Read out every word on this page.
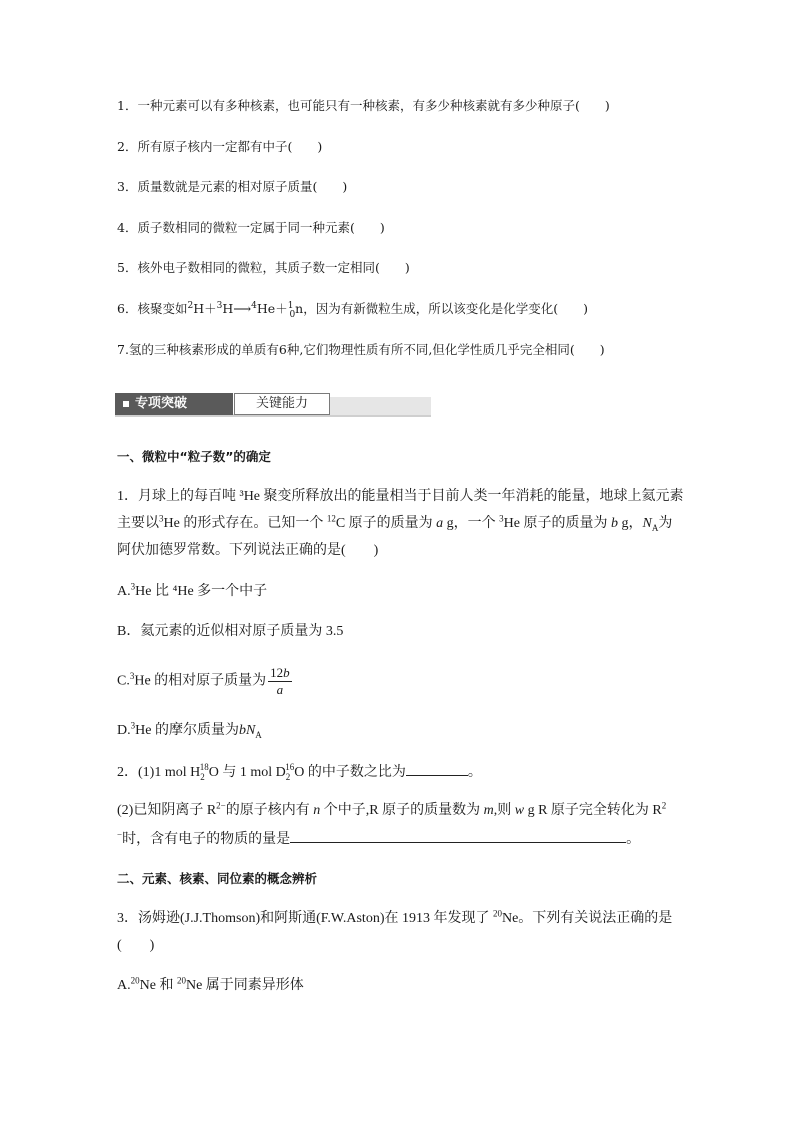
1．一种元素可以有多种核素，也可能只有一种核素，有多少种核素就有多少种原子(　　)
2．所有原子核内一定都有中子(　　)
3．质量数就是元素的相对原子质量(　　)
4．质子数相同的微粒一定属于同一种元素(　　)
5．核外电子数相同的微粒，其质子数一定相同(　　)
6．核聚变如$^2$H＋$^3$H⟶$^4$He＋$^1_0$n，因为有新微粒生成，所以该变化是化学变化(　　)
7.氢的三种核素形成的单质有6种,它们物理性质有所不同,但化学性质几乎完全相同(　　)
专项突破	关键能力
一、微粒中“粒子数”的确定
1．月球上的每百吨 ³He 聚变所释放出的能量相当于目前人类一年消耗的能量，地球上氦元素
主要以$^3$He 的形式存在。已知一个 $^{12}$C 原子的质量为 a g，一个 $^3$He 原子的质量为 b g，$N_A$为
阿伏加德罗常数。下列说法正确的是(　　)
A.$^3$He 比 ⁴He 多一个中子
B．氦元素的近似相对原子质量为 3.5
C.$^3$He 的相对原子质量为 $\frac{12b}{a}$
D.$^3$He 的摩尔质量为$bN_A$
2．(1)1 mol $H_2^{18}O$ 与 1 mol $D_2^{16}O$ 的中子数之比为	。
(2)已知阴离子 $R^{2-}$的原子核内有 n 个中子,R 原子的质量数为 m,则 w g R 原子完全转化为 $R^2$
−时，含有电子的物质的量是	。
二、元素、核素、同位素的概念辨析
3．汤姆逊(J.J.Thomson)和阿斯通(F.W.Aston)在 1913 年发现了 $^{20}$Ne。下列有关说法正确的是
(　　)
A.$^{20}$Ne 和 $^{20}$Ne 属于同素异形体
